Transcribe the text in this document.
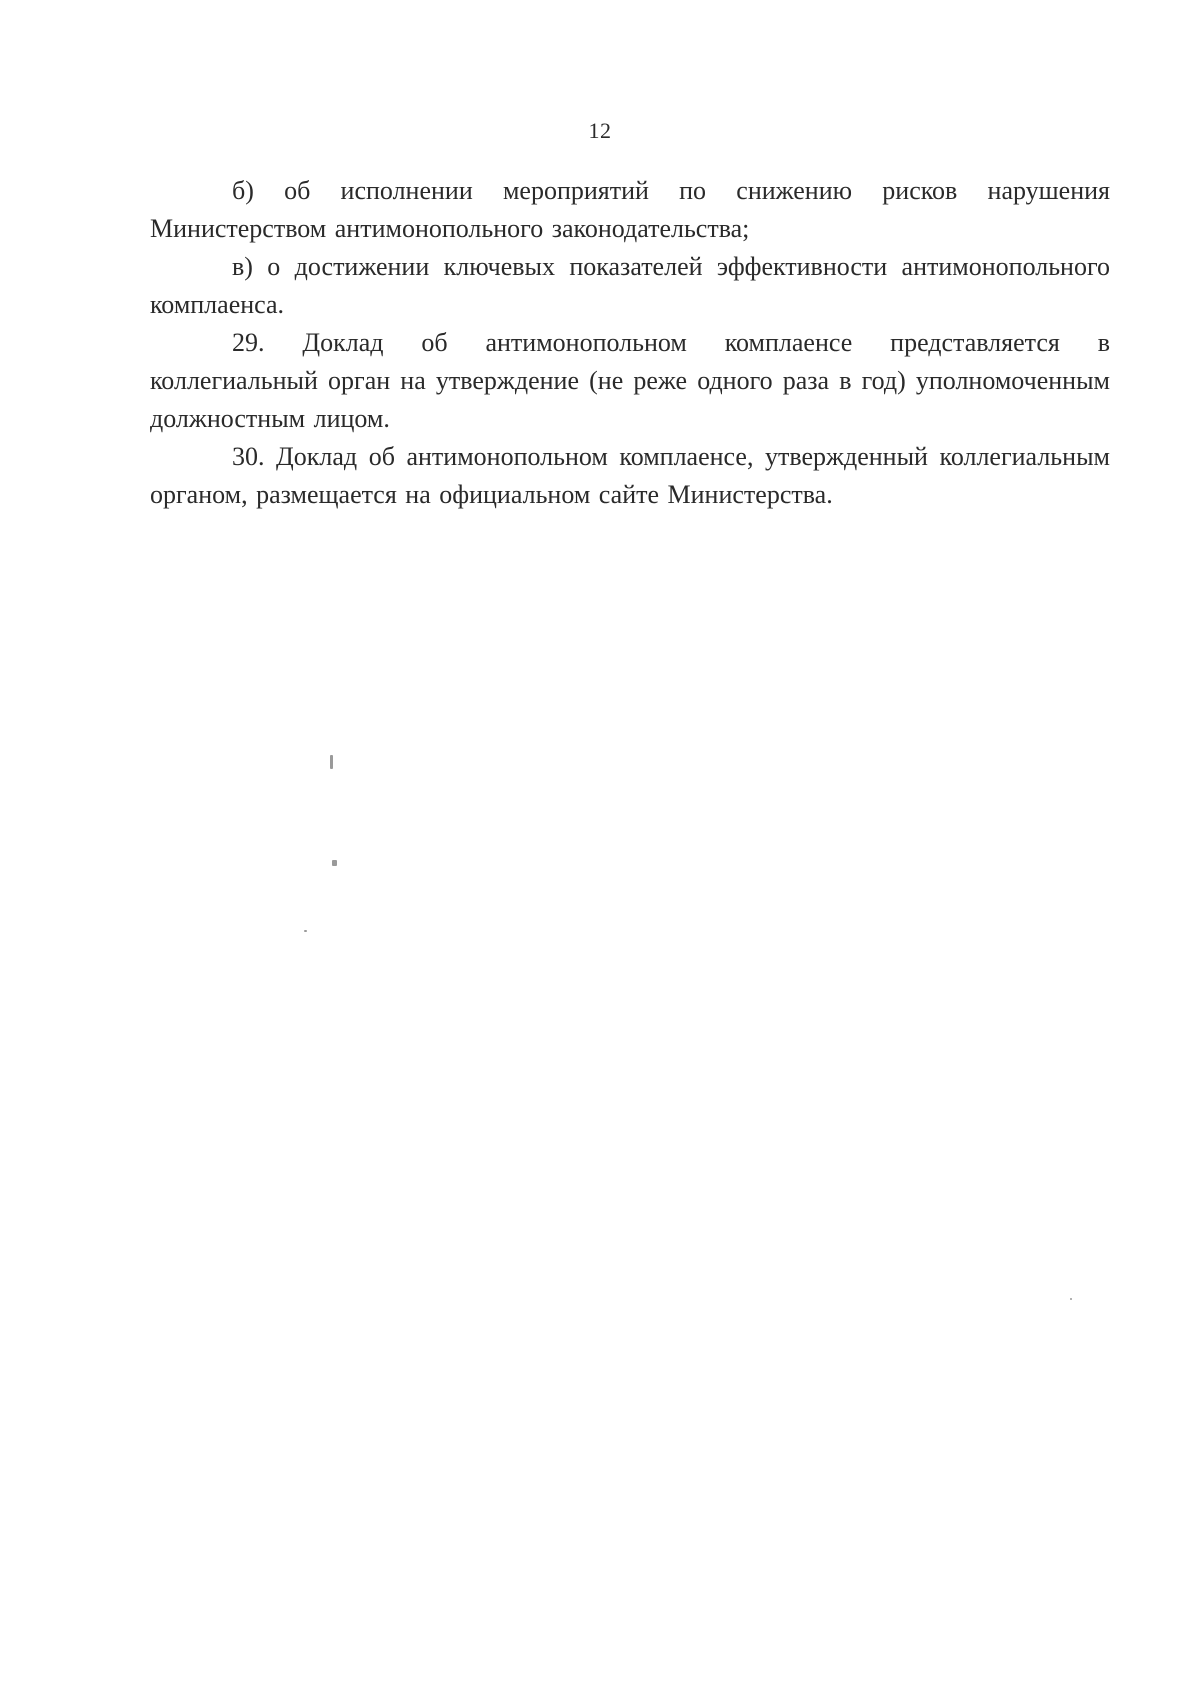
12

б) об исполнении мероприятий по снижению рисков нарушения Министерством антимонопольного законодательства;

в) о достижении ключевых показателей эффективности антимонопольного комплаенса.

29. Доклад об антимонопольном комплаенсе представляется в коллегиальный орган на утверждение (не реже одного раза в год) уполномоченным должностным лицом.

30. Доклад об антимонопольном комплаенсе, утвержденный коллегиальным органом, размещается на официальном сайте Министерства.
